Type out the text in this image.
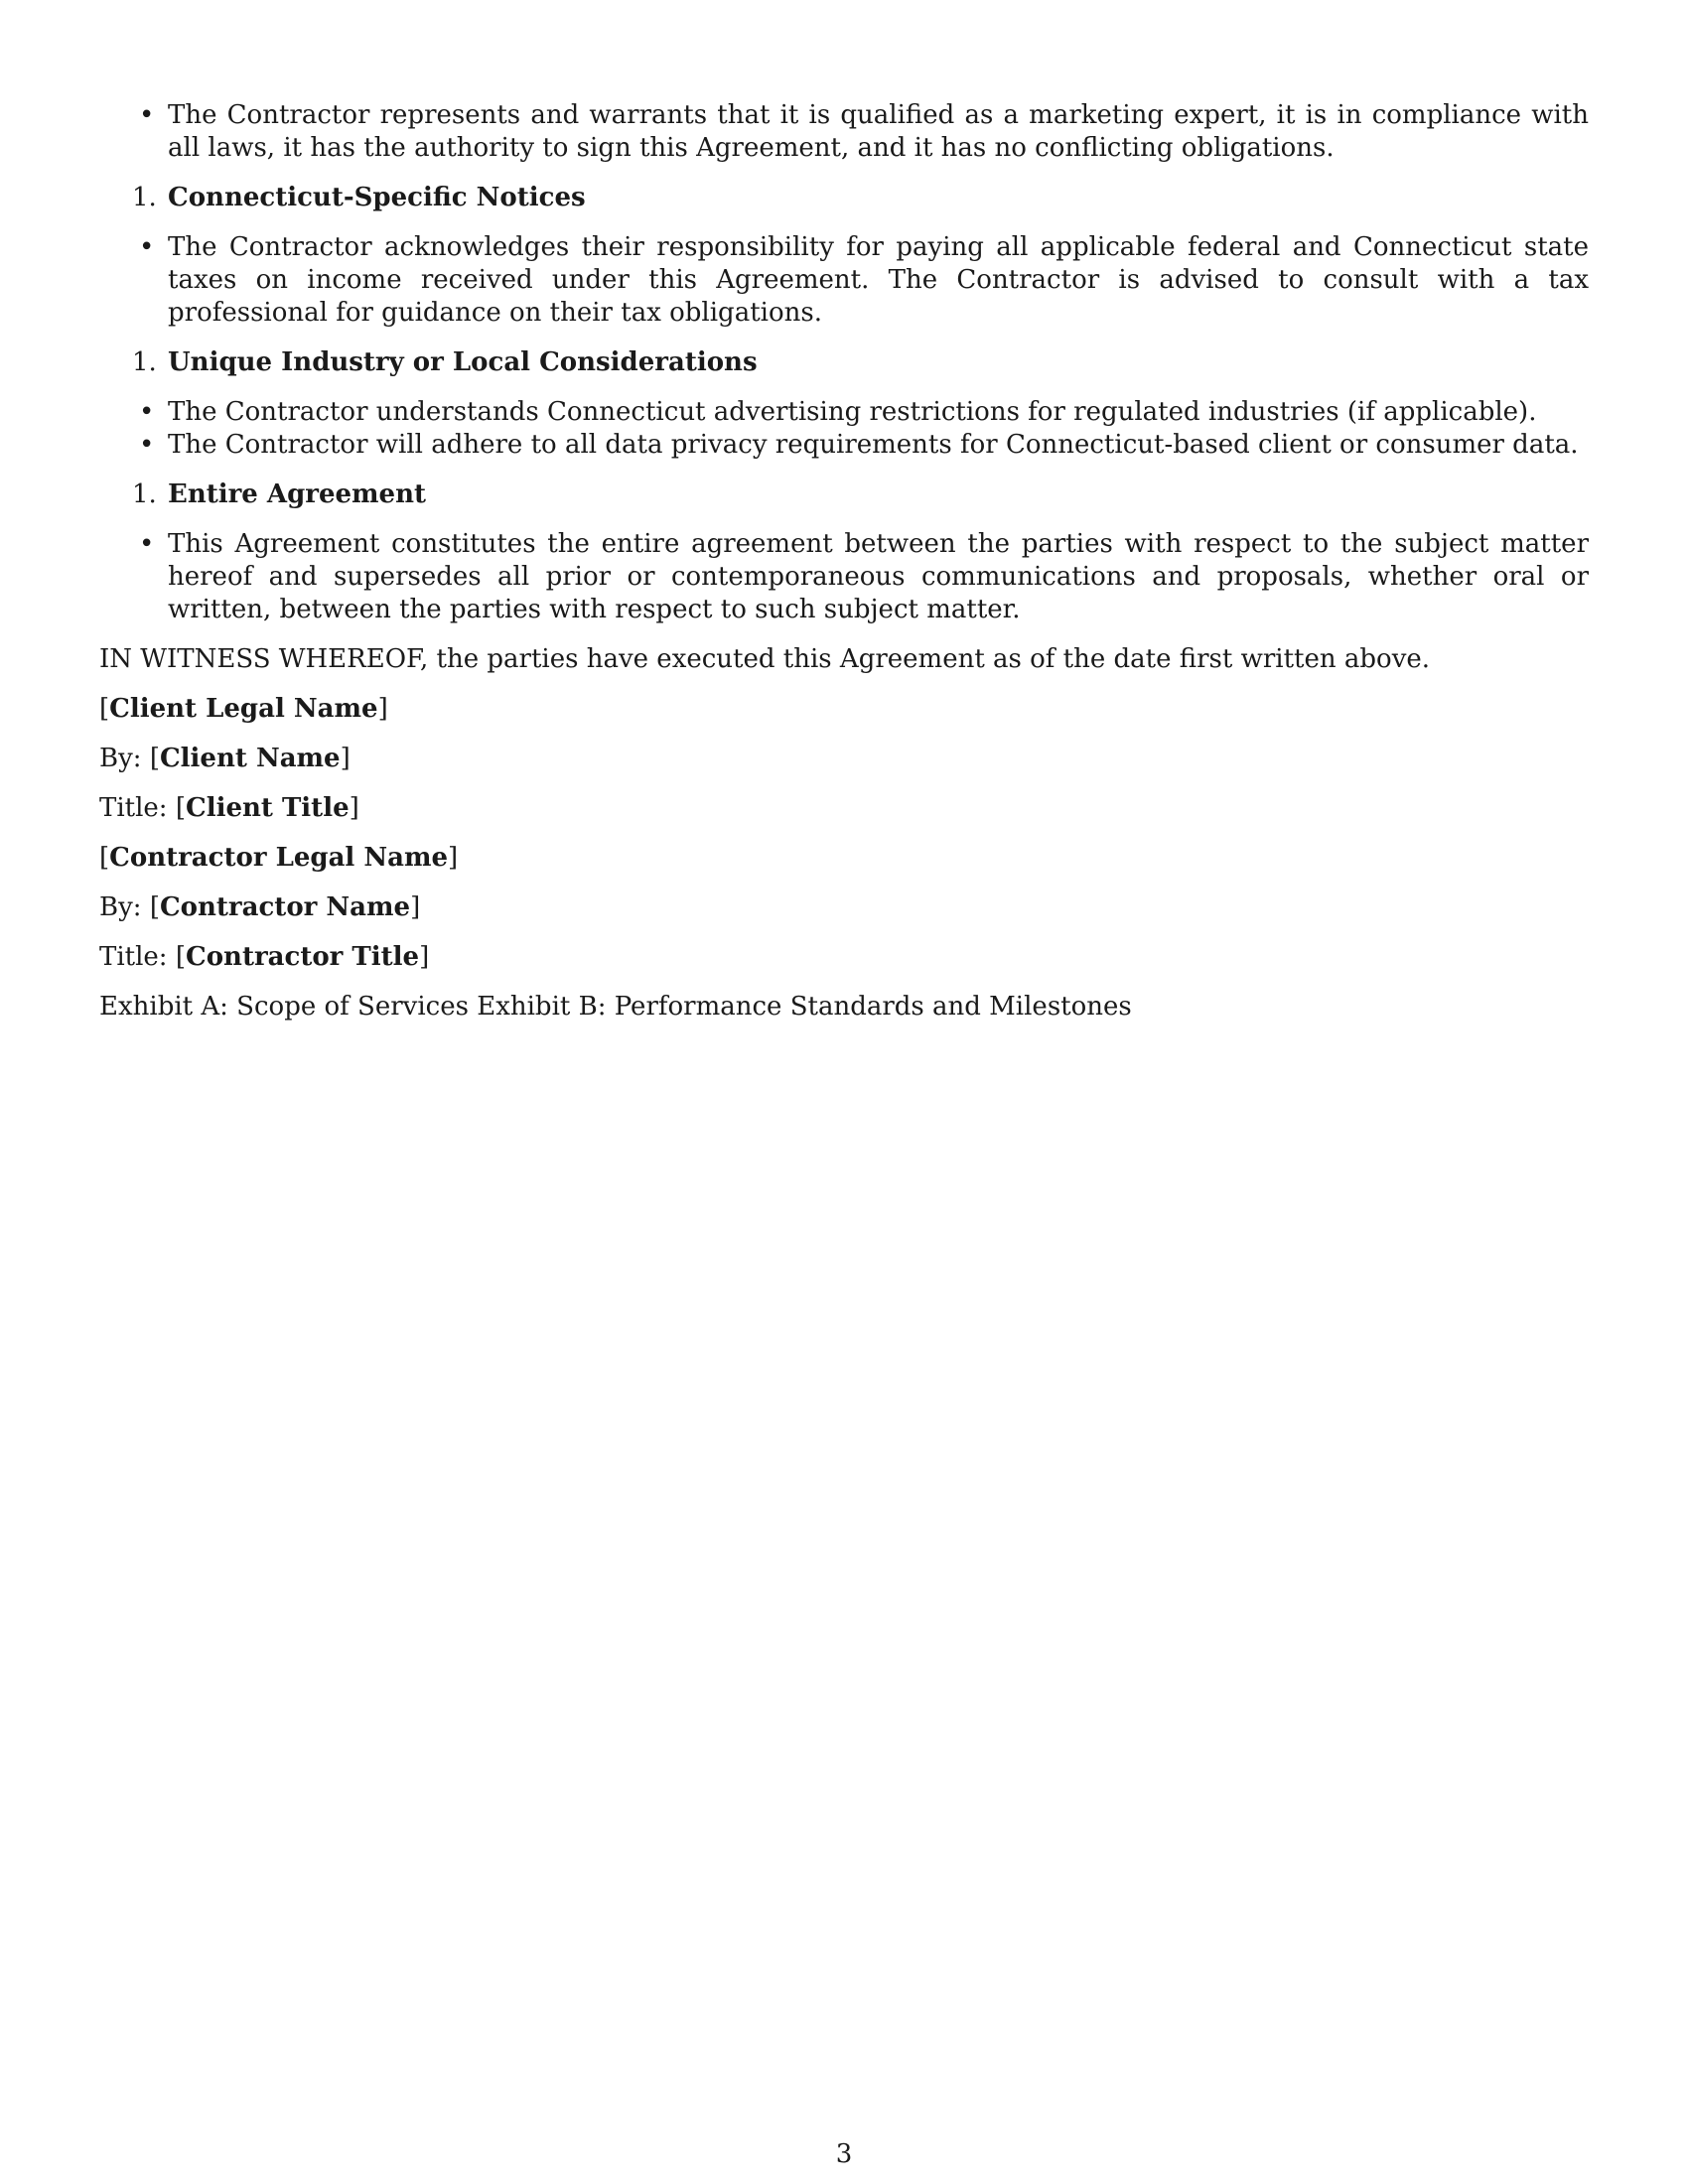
• The Contractor represents and warrants that it is qualified as a marketing expert, it is in compliance with all laws, it has the authority to sign this Agreement, and it has no conflicting obligations.
1. Connecticut-Specific Notices
• The Contractor acknowledges their responsibility for paying all applicable federal and Connecticut state taxes on income received under this Agreement. The Contractor is advised to consult with a tax professional for guidance on their tax obligations.
1. Unique Industry or Local Considerations
• The Contractor understands Connecticut advertising restrictions for regulated industries (if applicable).
• The Contractor will adhere to all data privacy requirements for Connecticut-based client or consumer data.
1. Entire Agreement
• This Agreement constitutes the entire agreement between the parties with respect to the subject matter hereof and supersedes all prior or contemporaneous communications and proposals, whether oral or written, between the parties with respect to such subject matter.

IN WITNESS WHEREOF, the parties have executed this Agreement as of the date first written above.

[Client Legal Name]

By: [Client Name]

Title: [Client Title]

[Contractor Legal Name]

By: [Contractor Name]

Title: [Contractor Title]

Exhibit A: Scope of Services Exhibit B: Performance Standards and Milestones

3
